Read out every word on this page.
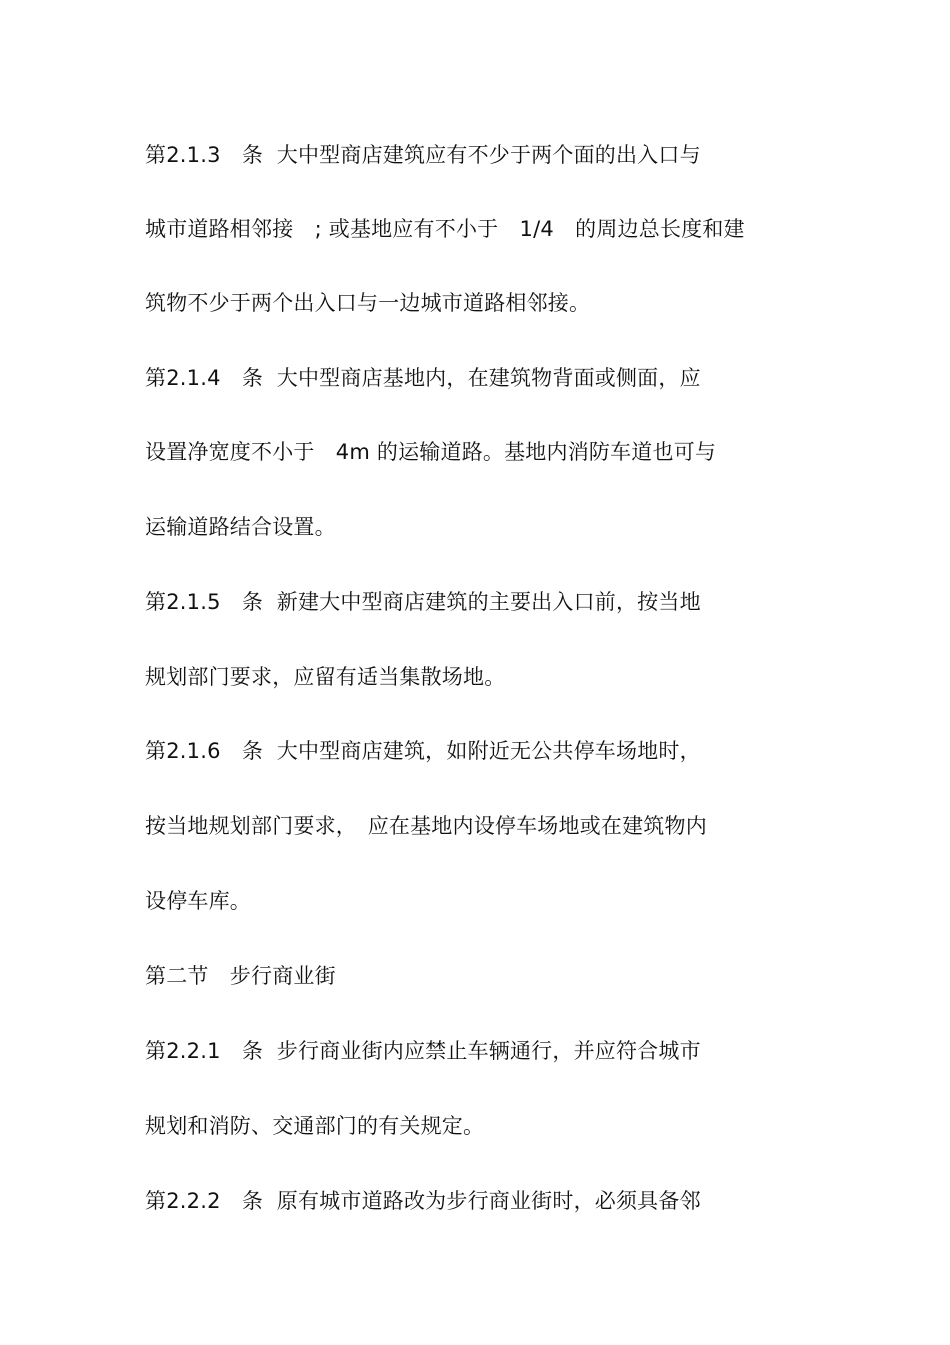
第2.1.3　条  大中型商店建筑应有不少于两个面的出入口与
城市道路相邻接　; 或基地应有不小于　1/4　的周边总长度和建
筑物不少于两个出入口与一边城市道路相邻接。
第2.1.4　条  大中型商店基地内，在建筑物背面或侧面，应
设置净宽度不小于　4m 的运输道路。基地内消防车道也可与
运输道路结合设置。
第2.1.5　条  新建大中型商店建筑的主要出入口前，按当地
规划部门要求，应留有适当集散场地。
第2.1.6　条  大中型商店建筑，如附近无公共停车场地时，
按当地规划部门要求，　应在基地内设停车场地或在建筑物内
设停车库。
第二节　步行商业街
第2.2.1　条  步行商业街内应禁止车辆通行，并应符合城市
规划和消防、交通部门的有关规定。
第2.2.2　条  原有城市道路改为步行商业街时，必须具备邻
